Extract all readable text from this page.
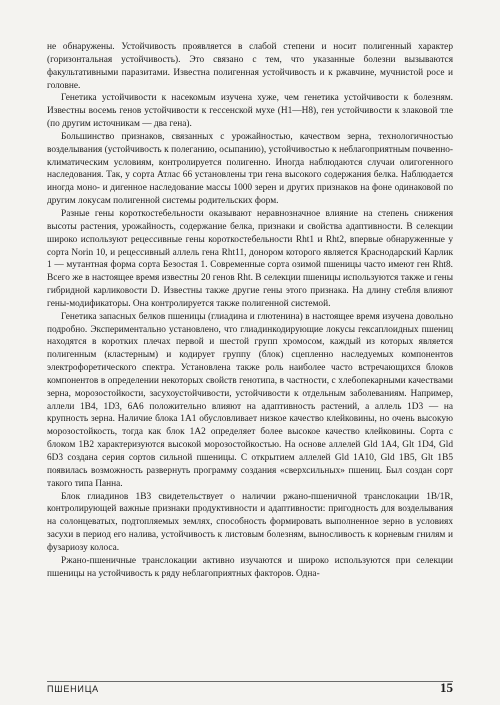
не обнаружены. Устойчивость проявляется в слабой степени и носит полигенный характер (горизонтальная устойчивость). Это связано с тем, что указанные болезни вызываются факультативными паразитами. Известна полигенная устойчивость и к ржавчине, мучнистой росе и головне.

Генетика устойчивости к насекомым изучена хуже, чем генетика устойчивости к болезням. Известны восемь генов устойчивости к гессенской мухе (H1—H8), ген устойчивости к злаковой тле (по другим источникам — два гена).

Большинство признаков, связанных с урожайностью, качеством зерна, технологичностью возделывания (устойчивость к полеганию, осыпанию), устойчивостью к неблагоприятным почвенно-климатическим условиям, контролируется полигенно. Иногда наблюдаются случаи олигогенного наследования. Так, у сорта Атлас 66 установлены три гена высокого содержания белка. Наблюдается иногда моно- и дигенное наследование массы 1000 зерен и других признаков на фоне одинаковой по другим локусам полигенной системы родительских форм.

Разные гены короткостебельности оказывают неравнозначное влияние на степень снижения высоты растения, урожайность, содержание белка, признаки и свойства адаптивности. В селекции широко используют рецессивные гены короткостебельности Rht1 и Rht2, впервые обнаруженные у сорта Norin 10, и рецессивный аллель гена Rht11, донором которого является Краснодарский Карлик 1 — мутантная форма сорта Безостая 1. Современные сорта озимой пшеницы часто имеют ген Rht8. Всего же в настоящее время известны 20 генов Rht. В селекции пшеницы используются также и гены гибридной карликовости D. Известны также другие гены этого признака. На длину стебля влияют гены-модификаторы. Она контролируется также полигенной системой.

Генетика запасных белков пшеницы (глиадина и глютенина) в настоящее время изучена довольно подробно. Экспериментально установлено, что глиадинкодирующие локусы гексаплоидных пшениц находятся в коротких плечах первой и шестой групп хромосом, каждый из которых является полигенным (кластерным) и кодирует группу (блок) сцепленно наследуемых компонентов электрофоретического спектра. Установлена также роль наиболее часто встречающихся блоков компонентов в определении некоторых свойств генотипа, в частности, с хлебопекарными качествами зерна, морозостойкости, засухоустойчивости, устойчивости к отдельным заболеваниям. Например, аллели 1В4, 1D3, 6А6 положительно влияют на адаптивность растений, а аллель 1D3 — на крупность зерна. Наличие блока 1А1 обусловливает низкое качество клейковины, но очень высокую морозостойкость, тогда как блок 1А2 определяет более высокое качество клейковины. Сорта с блоком 1В2 характеризуются высокой морозостойкостью. На основе аллелей Gld 1А4, Glt 1D4, Gld 6D3 создана серия сортов сильной пшеницы. С открытием аллелей Gld 1А10, Gld 1В5, Glt 1В5 появилась возможность развернуть программу создания «сверхсильных» пшениц. Был создан сорт такого типа Панна.

Блок глиадинов 1В3 свидетельствует о наличии ржано-пшеничной транслокации 1В/1R, контролирующей важные признаки продуктивности и адаптивности: пригодность для возделывания на солонцеватых, подтопляемых землях, способность формировать выполненное зерно в условиях засухи в период его налива, устойчивость к листовым болезням, выносливость к корневым гнилям и фузариозу колоса.

Ржано-пшеничные транслокации активно изучаются и широко используются при селекции пшеницы на устойчивость к ряду неблагоприятных факторов. Одна-

ПШЕНИЦА	15
